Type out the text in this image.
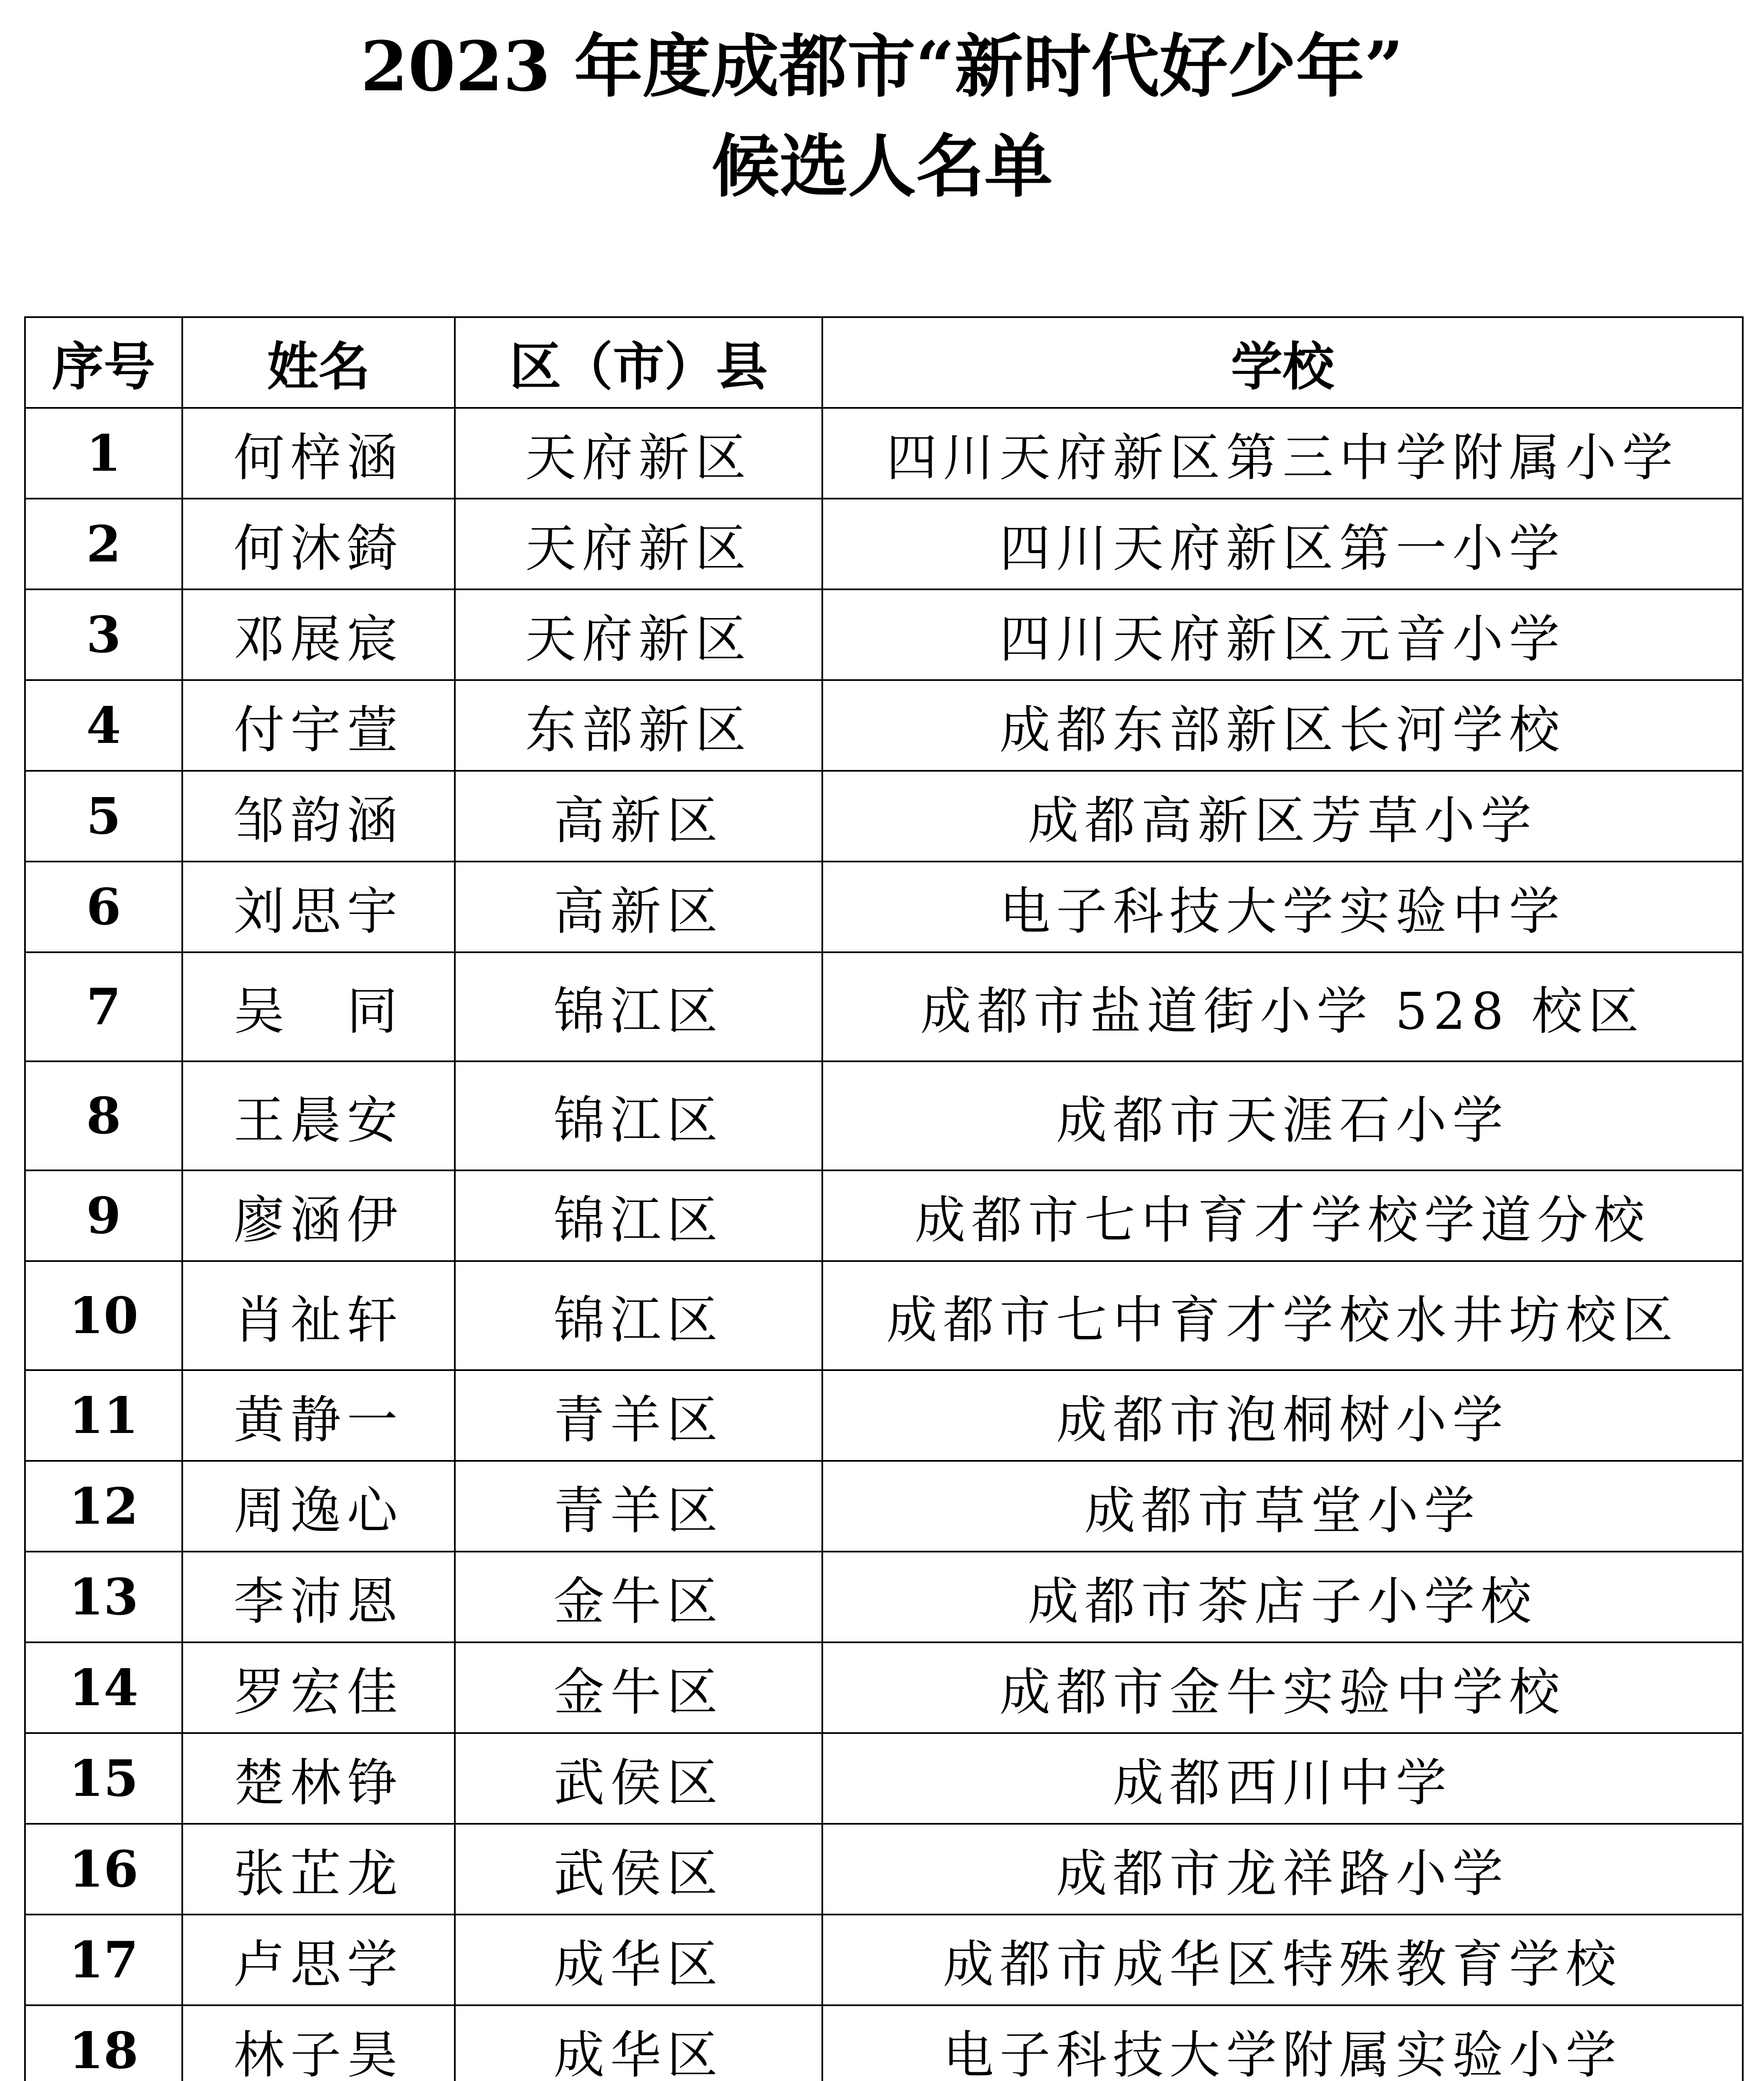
2023 年度成都市“新时代好少年”
候选人名单
序号	姓名	区（市）县	学校
1	何梓涵	天府新区	四川天府新区第三中学附属小学
2	何沐錡	天府新区	四川天府新区第一小学
3	邓展宸	天府新区	四川天府新区元音小学
4	付宇萱	东部新区	成都东部新区长河学校
5	邹韵涵	高新区	成都高新区芳草小学
6	刘思宇	高新区	电子科技大学实验中学
7	吴　同	锦江区	成都市盐道街小学 528 校区
8	王晨安	锦江区	成都市天涯石小学
9	廖涵伊	锦江区	成都市七中育才学校学道分校
10	肖祉轩	锦江区	成都市七中育才学校水井坊校区
11	黄静一	青羊区	成都市泡桐树小学
12	周逸心	青羊区	成都市草堂小学
13	李沛恩	金牛区	成都市茶店子小学校
14	罗宏佳	金牛区	成都市金牛实验中学校
15	楚林铮	武侯区	成都西川中学
16	张芷龙	武侯区	成都市龙祥路小学
17	卢思学	成华区	成都市成华区特殊教育学校
18	林子昊	成华区	电子科技大学附属实验小学
